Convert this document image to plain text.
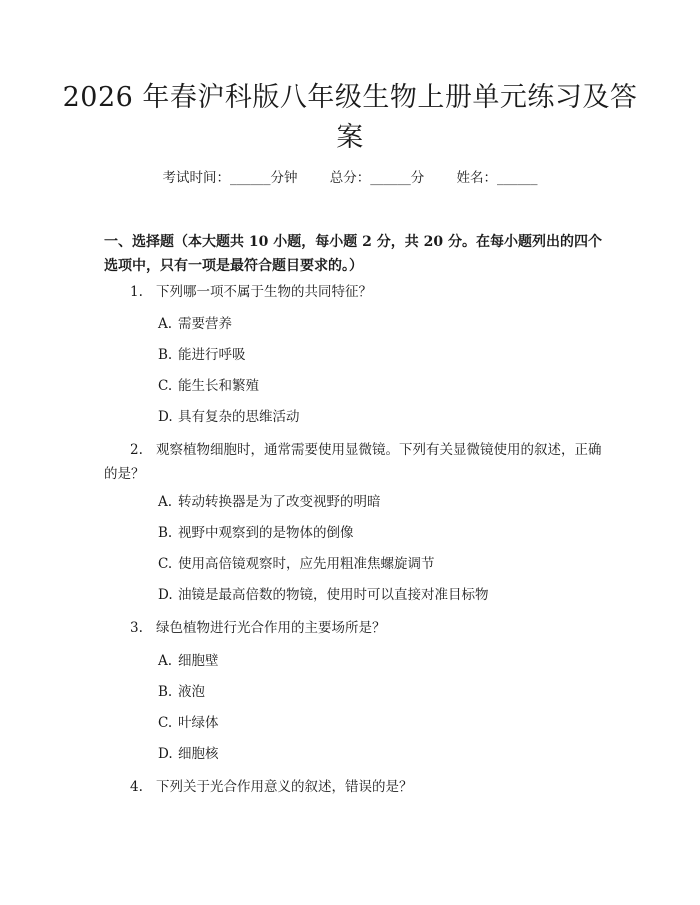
2026 年春沪科版八年级生物上册单元练习及答案
考试时间：______分钟 总分：______分 姓名：______
一、选择题（本大题共 10 小题，每小题 2 分，共 20 分。在每小题列出的四个选项中，只有一项是最符合题目要求的。）
1. 下列哪一项不属于生物的共同特征？
A. 需要营养
B. 能进行呼吸
C. 能生长和繁殖
D. 具有复杂的思维活动
2. 观察植物细胞时，通常需要使用显微镜。下列有关显微镜使用的叙述，正确的是？
A. 转动转换器是为了改变视野的明暗
B. 视野中观察到的是物体的倒像
C. 使用高倍镜观察时，应先用粗准焦螺旋调节
D. 油镜是最高倍数的物镜，使用时可以直接对准目标物
3. 绿色植物进行光合作用的主要场所是？
A. 细胞壁
B. 液泡
C. 叶绿体
D. 细胞核
4. 下列关于光合作用意义的叙述，错误的是？
